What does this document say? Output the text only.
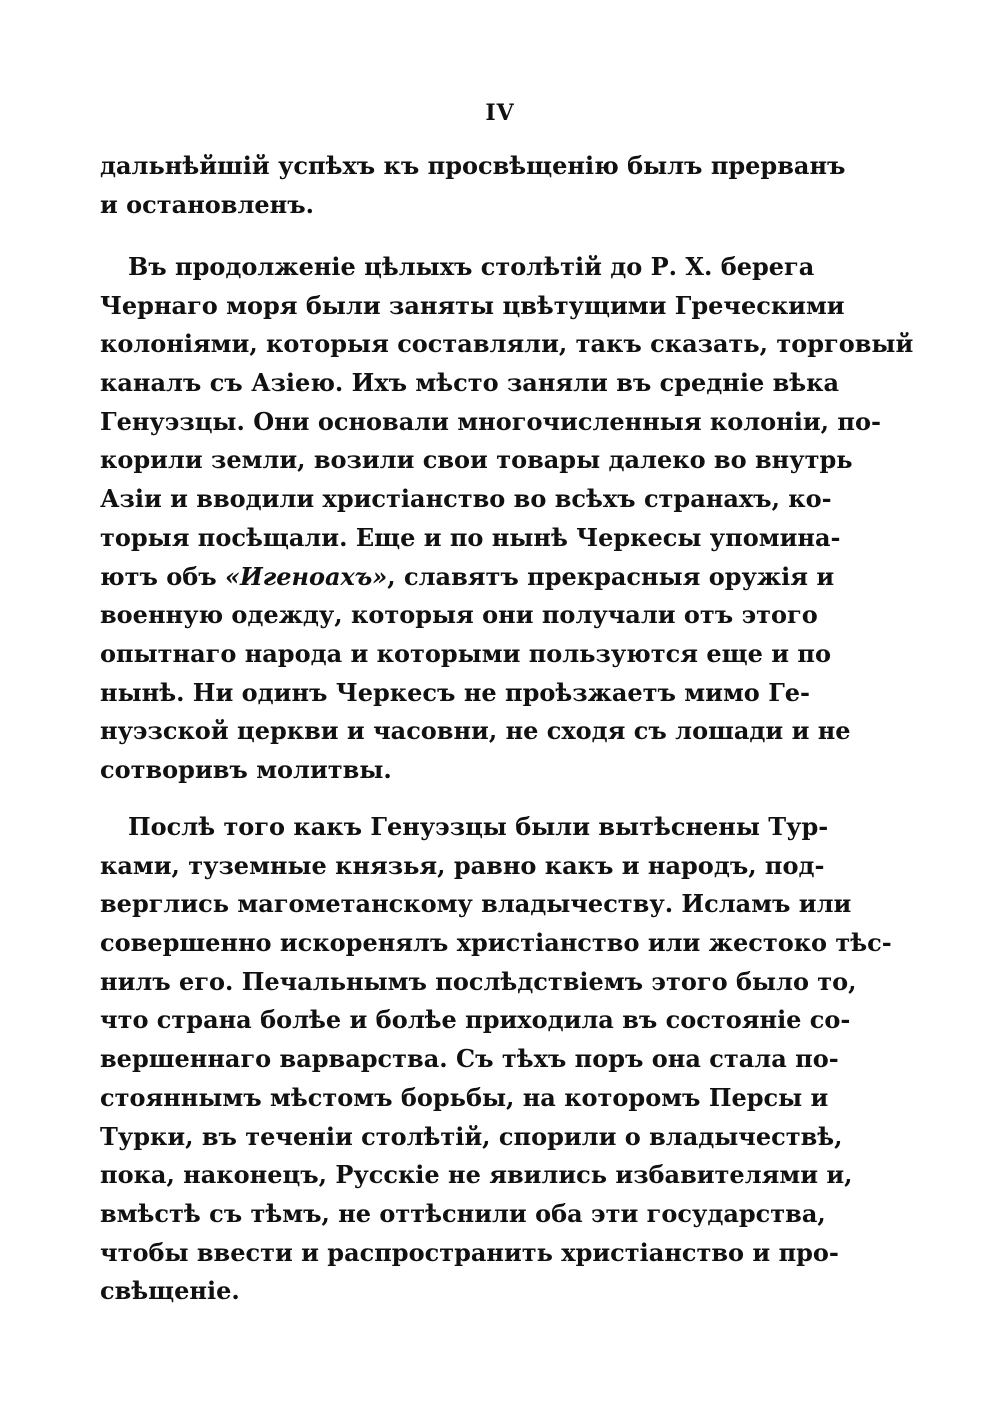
IV
дальнѣйшій успѣхъ къ просвѣщенію былъ прерванъ
и остановленъ.
Въ продолженіе цѣлыхъ столѣтій до Р. Х. берега
Чернаго моря были заняты цвѣтущими Греческими
колоніями, которыя составляли, такъ сказать, торговый
каналъ съ Азіею. Ихъ мѣсто заняли въ средніе вѣка
Генуэзцы. Они основали многочисленныя колоніи, по-
корили земли, возили свои товары далеко во внутрь
Азіи и вводили христіанство во всѣхъ странахъ, ко-
торыя посѣщали. Еще и по нынѣ Черкесы упомина-
ютъ объ «Игеноахъ», славятъ прекрасныя оружія и
военную одежду, которыя они получали отъ этого
опытнаго народа и которыми пользуются еще и по
нынѣ. Ни одинъ Черкесъ не проѣзжаетъ мимо Ге-
нуэзской церкви и часовни, не сходя съ лошади и не
сотворивъ молитвы.
Послѣ того какъ Генуэзцы были вытѣснены Тур-
ками, туземные князья, равно какъ и народъ, под-
верглись магометанскому владычеству. Исламъ или
совершенно искоренялъ христіанство или жестоко тѣс-
нилъ его. Печальнымъ послѣдствіемъ этого было то,
что страна болѣе и болѣе приходила въ состояніе со-
вершеннаго варварства. Съ тѣхъ поръ она стала по-
стояннымъ мѣстомъ борьбы, на которомъ Персы и
Турки, въ теченіи столѣтій, спорили о владычествѣ,
пока, наконецъ, Русскіе не явились избавителями и,
вмѣстѣ съ тѣмъ, не оттѣснили оба эти государства,
чтобы ввести и распространить христіанство и про-
свѣщеніе.
